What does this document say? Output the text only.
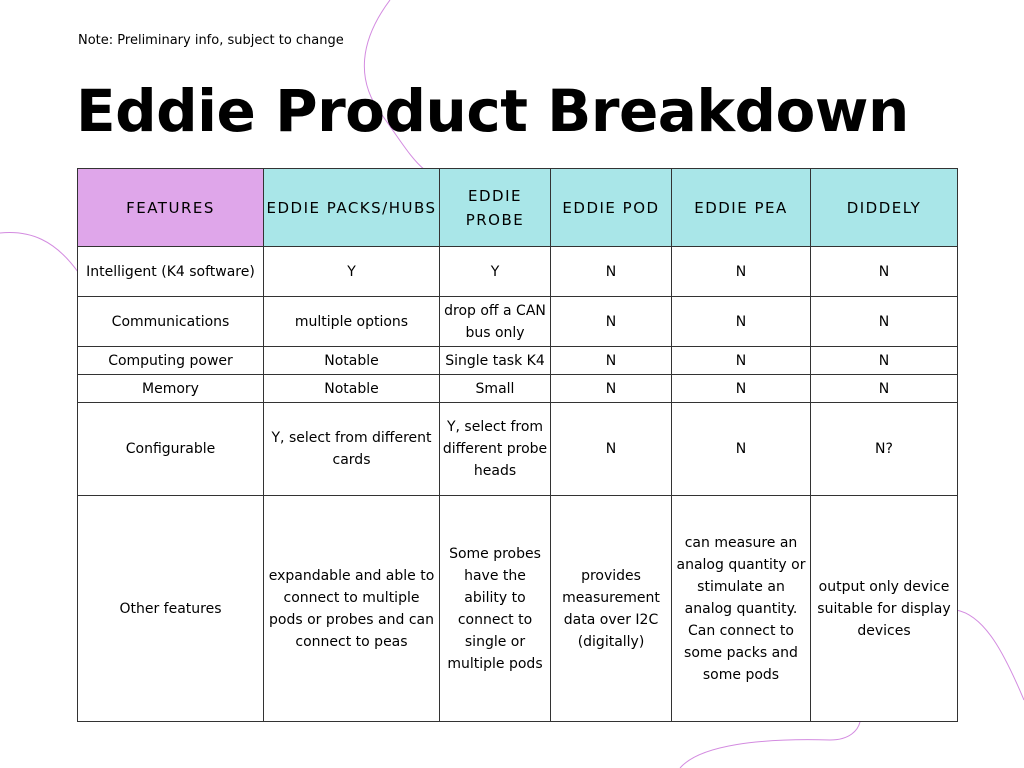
Note: Preliminary info, subject to change
Eddie Product Breakdown
FEATURES	EDDIE PACKS/HUBS	EDDIE PROBE	EDDIE POD	EDDIE PEA	DIDDELY
Intelligent (K4 software)	Y	Y	N	N	N
Communications	multiple options	drop off a CAN bus only	N	N	N
Computing power	Notable	Single task K4	N	N	N
Memory	Notable	Small	N	N	N
Configurable	Y, select from different cards	Y, select from different probe heads	N	N	N?
Other features	expandable and able to connect to multiple pods or probes and can connect to peas	Some probes have the ability to connect to single or multiple pods	provides measurement data over I2C (digitally)	can measure an analog quantity or stimulate an analog quantity. Can connect to some packs and some pods	output only device suitable for display devices
